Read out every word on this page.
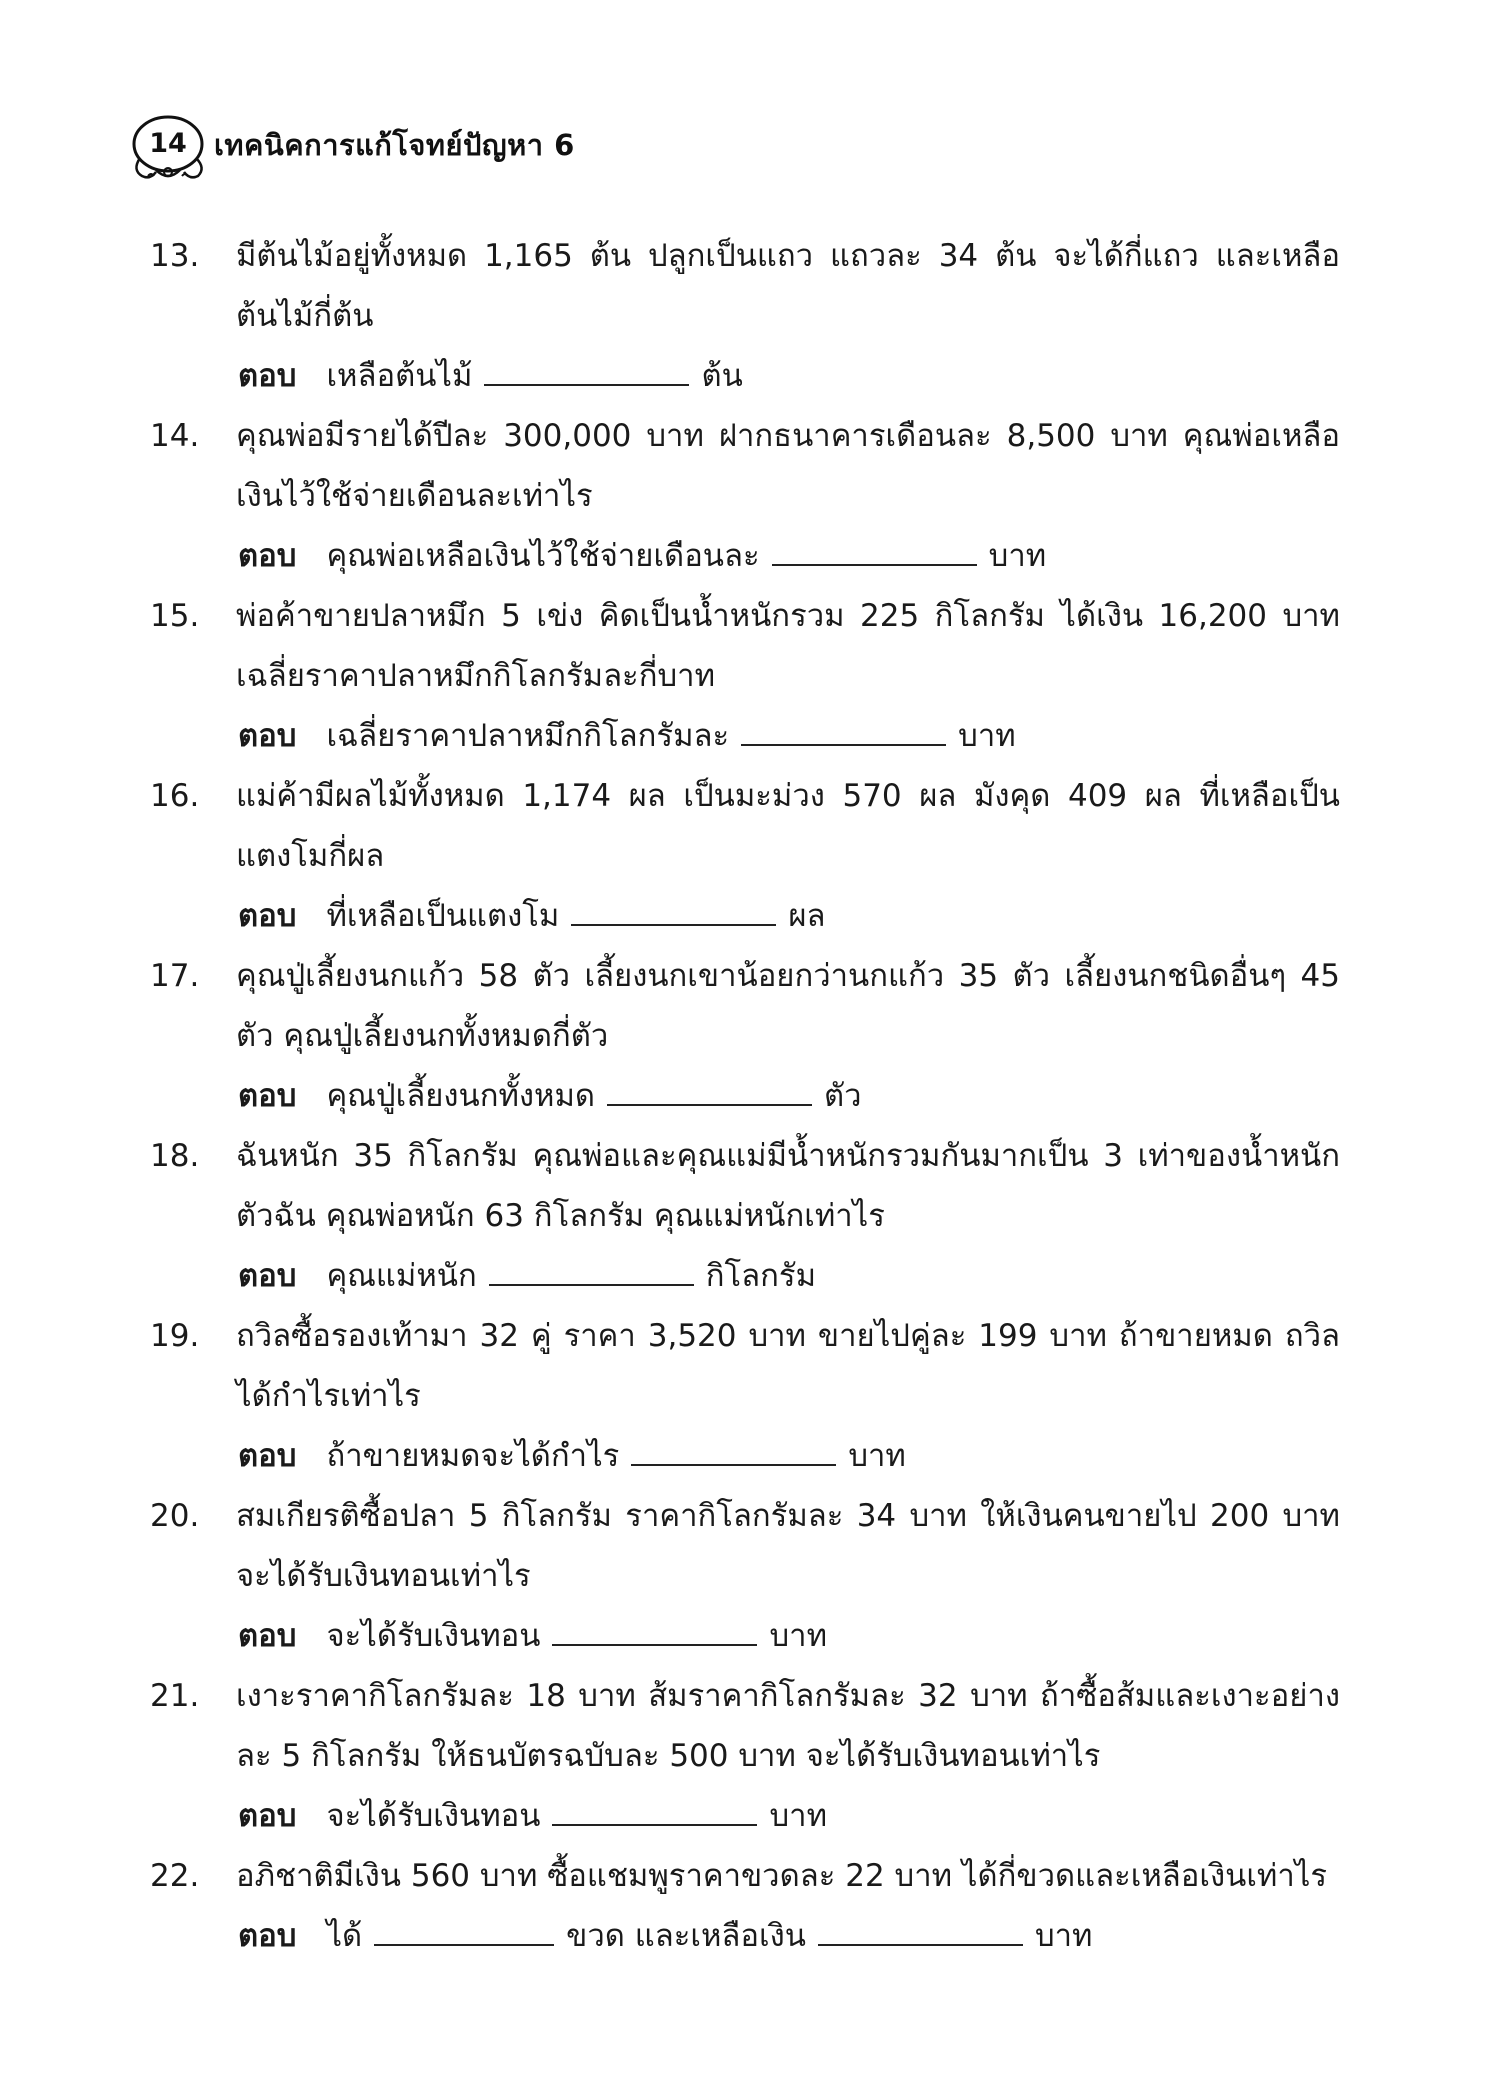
14 เทคนิคการแก้โจทย์ปัญหา 6
13.	มีต้นไม้อยู่ทั้งหมด 1,165 ต้น ปลูกเป็นแถว แถวละ 34 ต้น จะได้กี่แถว และเหลือต้นไม้กี่ต้น
ตอบ เหลือต้นไม้	ต้น
14.	คุณพ่อมีรายได้ปีละ 300,000 บาท ฝากธนาคารเดือนละ 8,500 บาท คุณพ่อเหลือเงินไว้ใช้จ่ายเดือนละเท่าไร
ตอบ คุณพ่อเหลือเงินไว้ใช้จ่ายเดือนละ	บาท
15.	พ่อค้าขายปลาหมึก 5 เข่ง คิดเป็นน้ำหนักรวม 225 กิโลกรัม ได้เงิน 16,200 บาท เฉลี่ยราคาปลาหมึกกิโลกรัมละกี่บาท
ตอบ เฉลี่ยราคาปลาหมึกกิโลกรัมละ	บาท
16.	แม่ค้ามีผลไม้ทั้งหมด 1,174 ผล เป็นมะม่วง 570 ผล มังคุด 409 ผล ที่เหลือเป็นแตงโมกี่ผล
ตอบ ที่เหลือเป็นแตงโม	ผล
17.	คุณปู่เลี้ยงนกแก้ว 58 ตัว เลี้ยงนกเขาน้อยกว่านกแก้ว 35 ตัว เลี้ยงนกชนิดอื่นๆ 45 ตัว คุณปู่เลี้ยงนกทั้งหมดกี่ตัว
ตอบ คุณปู่เลี้ยงนกทั้งหมด	ตัว
18.	ฉันหนัก 35 กิโลกรัม คุณพ่อและคุณแม่มีน้ำหนักรวมกันมากเป็น 3 เท่าของน้ำหนักตัวฉัน คุณพ่อหนัก 63 กิโลกรัม คุณแม่หนักเท่าไร
ตอบ คุณแม่หนัก	กิโลกรัม
19.	ถวิลซื้อรองเท้ามา 32 คู่ ราคา 3,520 บาท ขายไปคู่ละ 199 บาท ถ้าขายหมด ถวิลได้กำไรเท่าไร
ตอบ ถ้าขายหมดจะได้กำไร	บาท
20.	สมเกียรติซื้อปลา 5 กิโลกรัม ราคากิโลกรัมละ 34 บาท ให้เงินคนขายไป 200 บาท จะได้รับเงินทอนเท่าไร
ตอบ จะได้รับเงินทอน	บาท
21.	เงาะราคากิโลกรัมละ 18 บาท ส้มราคากิโลกรัมละ 32 บาท ถ้าซื้อส้มและเงาะอย่างละ 5 กิโลกรัม ให้ธนบัตรฉบับละ 500 บาท จะได้รับเงินทอนเท่าไร
ตอบ จะได้รับเงินทอน	บาท
22.	อภิชาติมีเงิน 560 บาท ซื้อแชมพูราคาขวดละ 22 บาท ได้กี่ขวดและเหลือเงินเท่าไร
ตอบ ได้	ขวด และเหลือเงิน	บาท
